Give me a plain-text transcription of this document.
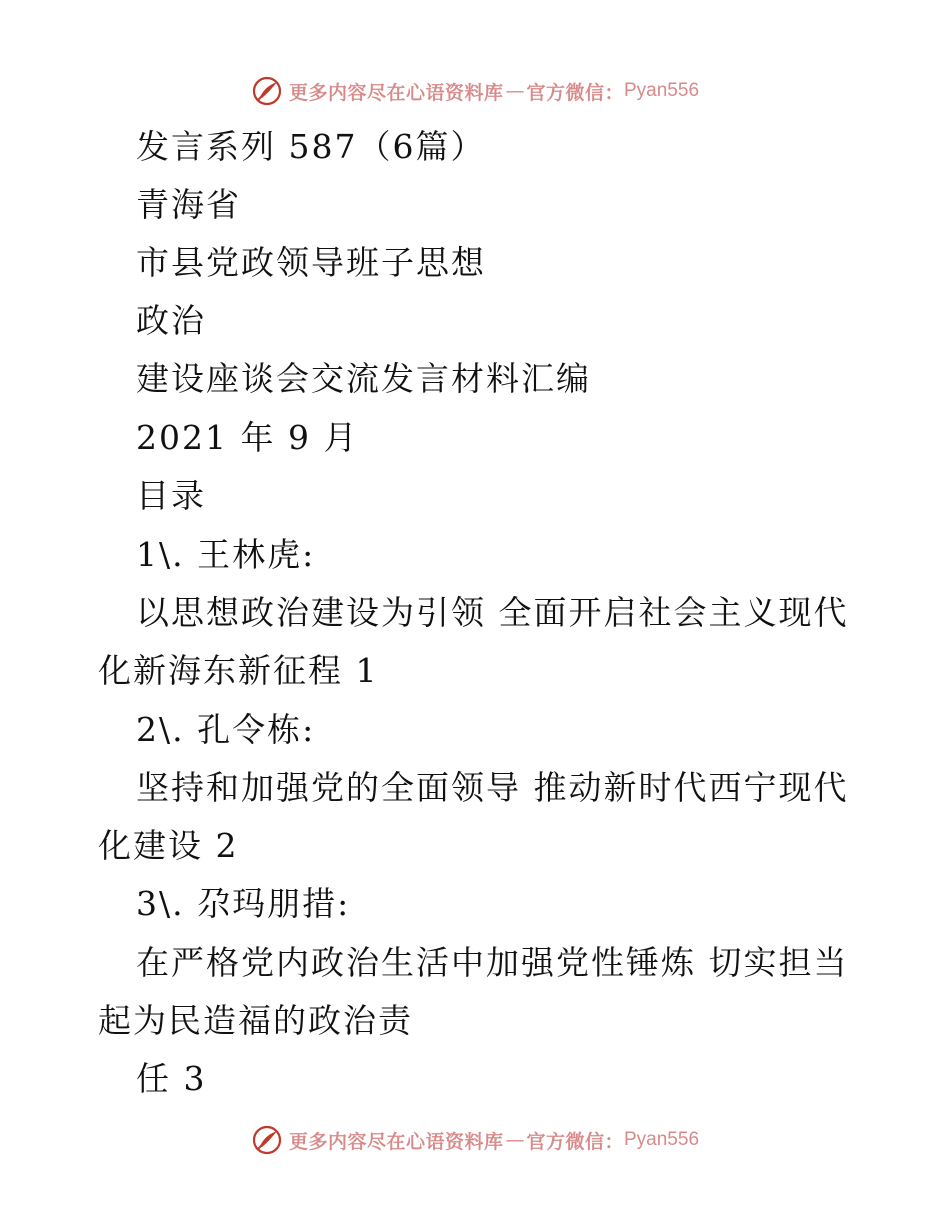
更多内容尽在心语资料库 — 官方微信： Pyan556
发言系列 587（6篇）
青海省
市县党政领导班子思想
政治
建设座谈会交流发言材料汇编
2021 年 9 月
目录
1\. 王林虎:
以思想政治建设为引领 全面开启社会主义现代
化新海东新征程 1
2\. 孔令栋:
坚持和加强党的全面领导 推动新时代西宁现代
化建设 2
3\. 尕玛朋措:
在严格党内政治生活中加强党性锤炼 切实担当
起为民造福的政治责
任 3
更多内容尽在心语资料库 — 官方微信： Pyan556
